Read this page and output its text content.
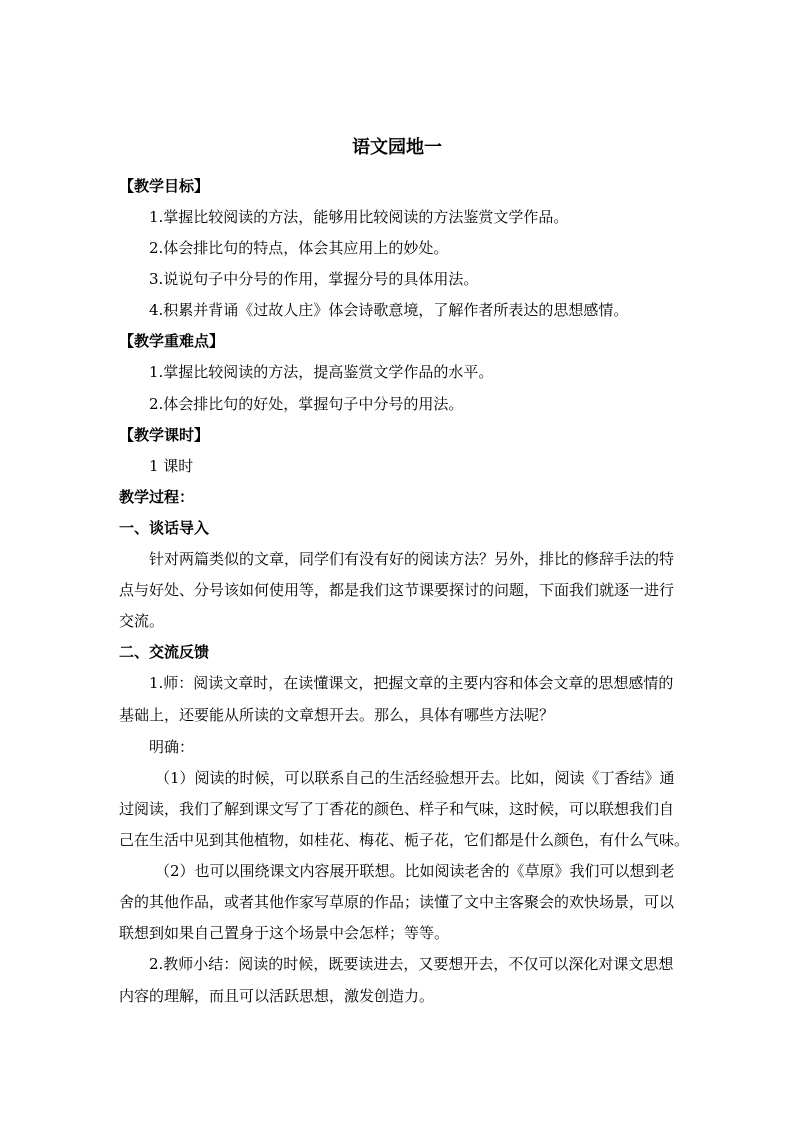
语文园地一
【教学目标】
1.掌握比较阅读的方法，能够用比较阅读的方法鉴赏文学作品。
2.体会排比句的特点，体会其应用上的妙处。
3.说说句子中分号的作用，掌握分号的具体用法。
4.积累并背诵《过故人庄》体会诗歌意境，了解作者所表达的思想感情。
【教学重难点】
1.掌握比较阅读的方法，提高鉴赏文学作品的水平。
2.体会排比句的好处，掌握句子中分号的用法。
【教学课时】
1 课时
教学过程：
一、谈话导入
针对两篇类似的文章，同学们有没有好的阅读方法？另外，排比的修辞手法的特
点与好处、分号该如何使用等，都是我们这节课要探讨的问题，下面我们就逐一进行
交流。
二、交流反馈
1.师：阅读文章时，在读懂课文，把握文章的主要内容和体会文章的思想感情的
基础上，还要能从所读的文章想开去。那么，具体有哪些方法呢？
明确：
（1）阅读的时候，可以联系自己的生活经验想开去。比如，阅读《丁香结》通
过阅读，我们了解到课文写了丁香花的颜色、样子和气味，这时候，可以联想我们自
己在生活中见到其他植物，如桂花、梅花、栀子花，它们都是什么颜色，有什么气味。
（2）也可以围绕课文内容展开联想。比如阅读老舍的《草原》我们可以想到老
舍的其他作品，或者其他作家写草原的作品；读懂了文中主客聚会的欢快场景，可以
联想到如果自己置身于这个场景中会怎样；等等。
2.教师小结：阅读的时候，既要读进去，又要想开去，不仅可以深化对课文思想
内容的理解，而且可以活跃思想，激发创造力。
